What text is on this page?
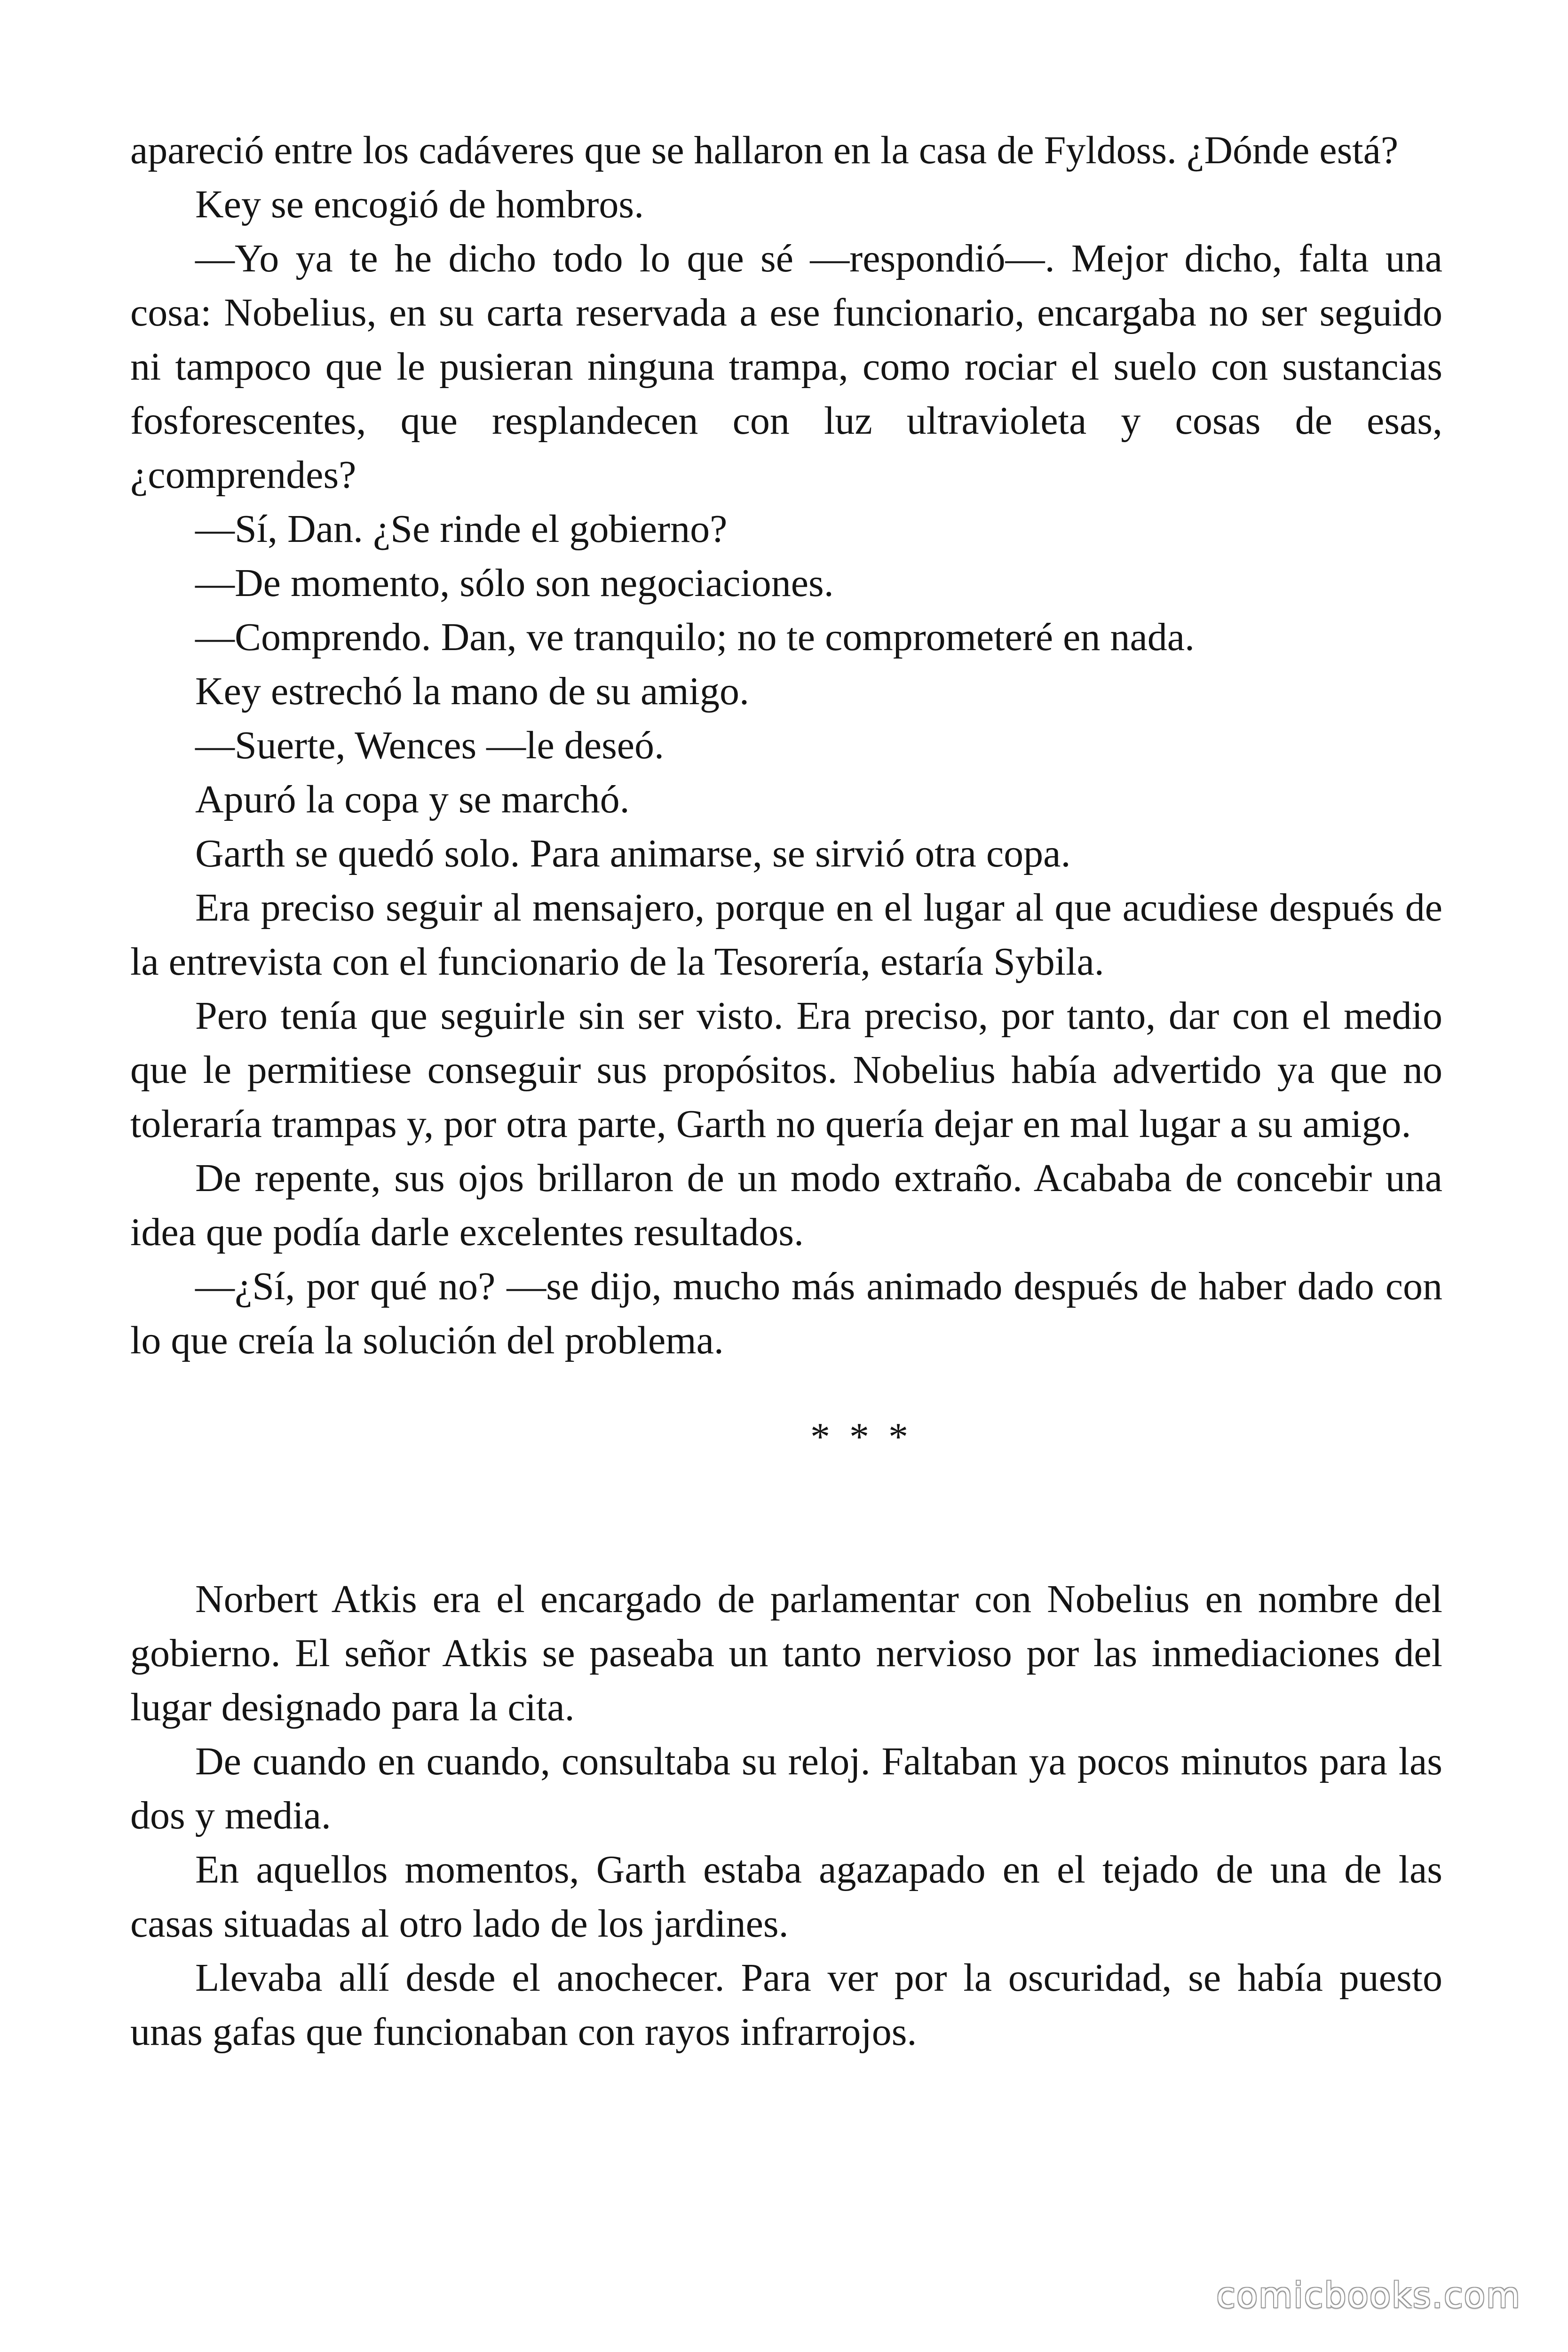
apareció entre los cadáveres que se hallaron en la casa de Fyldoss. ¿Dónde está?

Key se encogió de hombros.

—Yo ya te he dicho todo lo que sé —respondió—. Mejor dicho, falta una cosa: Nobelius, en su carta reservada a ese funcionario, encargaba no ser seguido ni tampoco que le pusieran ninguna trampa, como rociar el suelo con sustancias fosforescentes, que resplandecen con luz ultravioleta y cosas de esas, ¿comprendes?

—Sí, Dan. ¿Se rinde el gobierno?

—De momento, sólo son negociaciones.

—Comprendo. Dan, ve tranquilo; no te comprometeré en nada.

Key estrechó la mano de su amigo.

—Suerte, Wences —le deseó.

Apuró la copa y se marchó.

Garth se quedó solo. Para animarse, se sirvió otra copa.

Era preciso seguir al mensajero, porque en el lugar al que acudiese después de la entrevista con el funcionario de la Tesorería, estaría Sybila.

Pero tenía que seguirle sin ser visto. Era preciso, por tanto, dar con el medio que le permitiese conseguir sus propósitos. Nobelius había advertido ya que no toleraría trampas y, por otra parte, Garth no quería dejar en mal lugar a su amigo.

De repente, sus ojos brillaron de un modo extraño. Acababa de concebir una idea que podía darle excelentes resultados.

—¿Sí, por qué no? —se dijo, mucho más animado después de haber dado con lo que creía la solución del problema.

* * *

Norbert Atkis era el encargado de parlamentar con Nobelius en nombre del gobierno. El señor Atkis se paseaba un tanto nervioso por las inmediaciones del lugar designado para la cita.

De cuando en cuando, consultaba su reloj. Faltaban ya pocos minutos para las dos y media.

En aquellos momentos, Garth estaba agazapado en el tejado de una de las casas situadas al otro lado de los jardines.

Llevaba allí desde el anochecer. Para ver por la oscuridad, se había puesto unas gafas que funcionaban con rayos infrarrojos.

comicbooks.com
